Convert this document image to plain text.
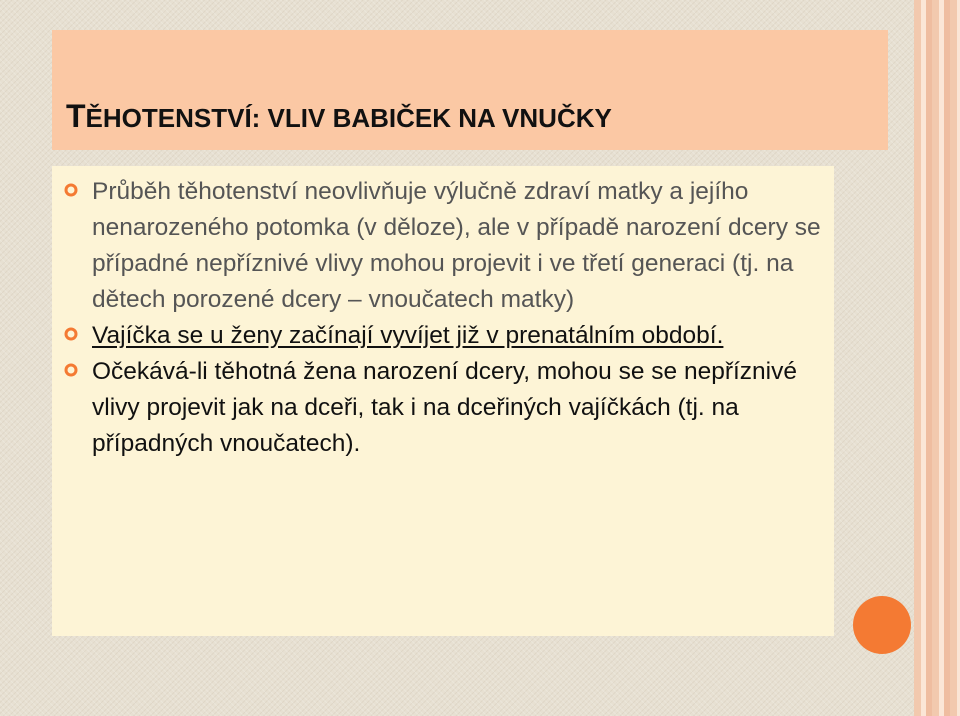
TĚHOTENSTVÍ: VLIV BABIČEK NA VNUČKY
Průběh těhotenství neovlivňuje výlučně zdraví matky a jejího nenarozeného potomka (v děloze), ale v případě narození dcery se případné nepříznivé vlivy mohou projevit i ve třetí generaci (tj. na dětech porozené dcery – vnoučatech matky)
Vajíčka se u ženy začínají vyvíjet již v prenatálním období.
Očekává-li těhotná žena narození dcery, mohou se se nepříznivé vlivy projevit jak na dceři, tak i na dceřiných vajíčkách (tj. na případných vnoučatech).
